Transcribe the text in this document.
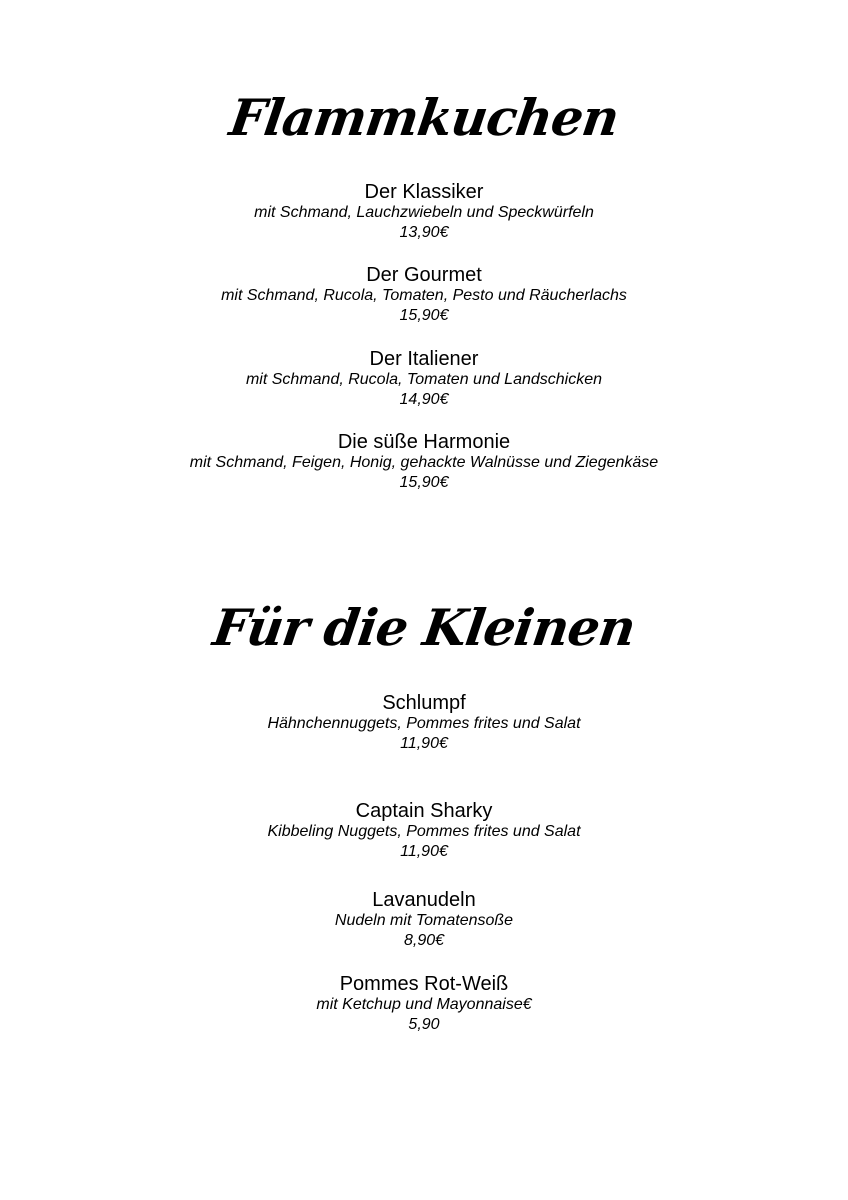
Flammkuchen
Der Klassiker
mit Schmand, Lauchzwiebeln und Speckwürfeln
13,90€
Der Gourmet
mit Schmand, Rucola, Tomaten, Pesto und Räucherlachs
15,90€
Der Italiener
mit Schmand, Rucola, Tomaten und Landschicken
14,90€
Die süße Harmonie
mit Schmand, Feigen, Honig, gehackte Walnüsse und Ziegenkäse
15,90€
Für die Kleinen
Schlumpf
Hähnchennuggets, Pommes frites und Salat
11,90€
Captain Sharky
Kibbeling Nuggets, Pommes frites und Salat
11,90€
Lavanudeln
Nudeln mit Tomatensoße
8,90€
Pommes Rot-Weiß
mit Ketchup und Mayonnaise€
5,90
